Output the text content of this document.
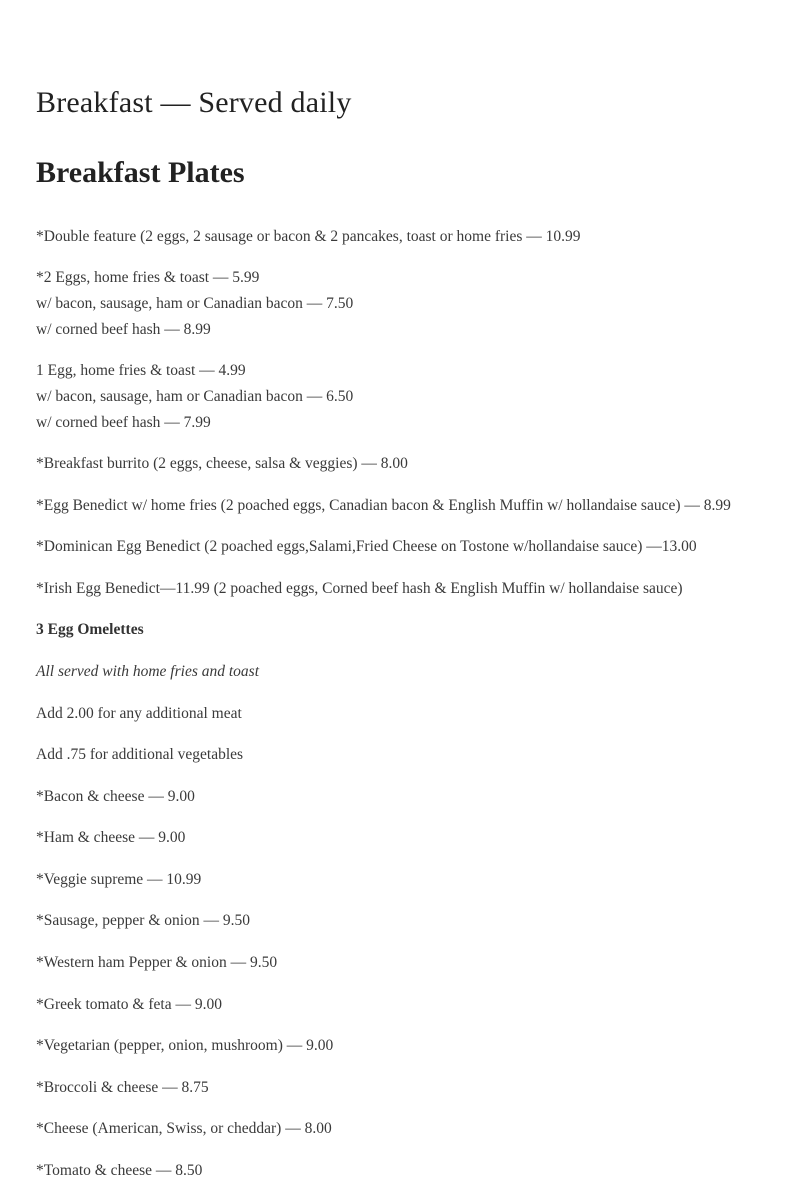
Breakfast — Served daily
Breakfast Plates
*Double feature (2 eggs, 2 sausage or bacon & 2 pancakes, toast or home fries — 10.99
*2 Eggs, home fries & toast — 5.99
w/ bacon, sausage, ham or Canadian bacon — 7.50
w/ corned beef hash — 8.99
1 Egg, home fries & toast — 4.99
w/ bacon, sausage, ham or Canadian bacon — 6.50
w/ corned beef hash — 7.99
*Breakfast burrito (2 eggs, cheese, salsa & veggies) — 8.00
*Egg Benedict w/ home fries (2 poached eggs, Canadian bacon & English Muffin w/ hollandaise sauce) — 8.99
*Dominican Egg Benedict (2 poached eggs,Salami,Fried Cheese on Tostone w/hollandaise sauce) —13.00
*Irish Egg Benedict—11.99 (2 poached eggs, Corned beef hash & English Muffin w/ hollandaise sauce)
3 Egg Omelettes
All served with home fries and toast
Add 2.00 for any additional meat
Add .75 for additional vegetables
*Bacon & cheese — 9.00
*Ham & cheese — 9.00
*Veggie supreme — 10.99
*Sausage, pepper & onion — 9.50
*Western ham Pepper & onion — 9.50
*Greek tomato & feta — 9.00
*Vegetarian (pepper, onion, mushroom) — 9.00
*Broccoli & cheese — 8.75
*Cheese (American, Swiss, or cheddar) — 8.00
*Tomato & cheese — 8.50
